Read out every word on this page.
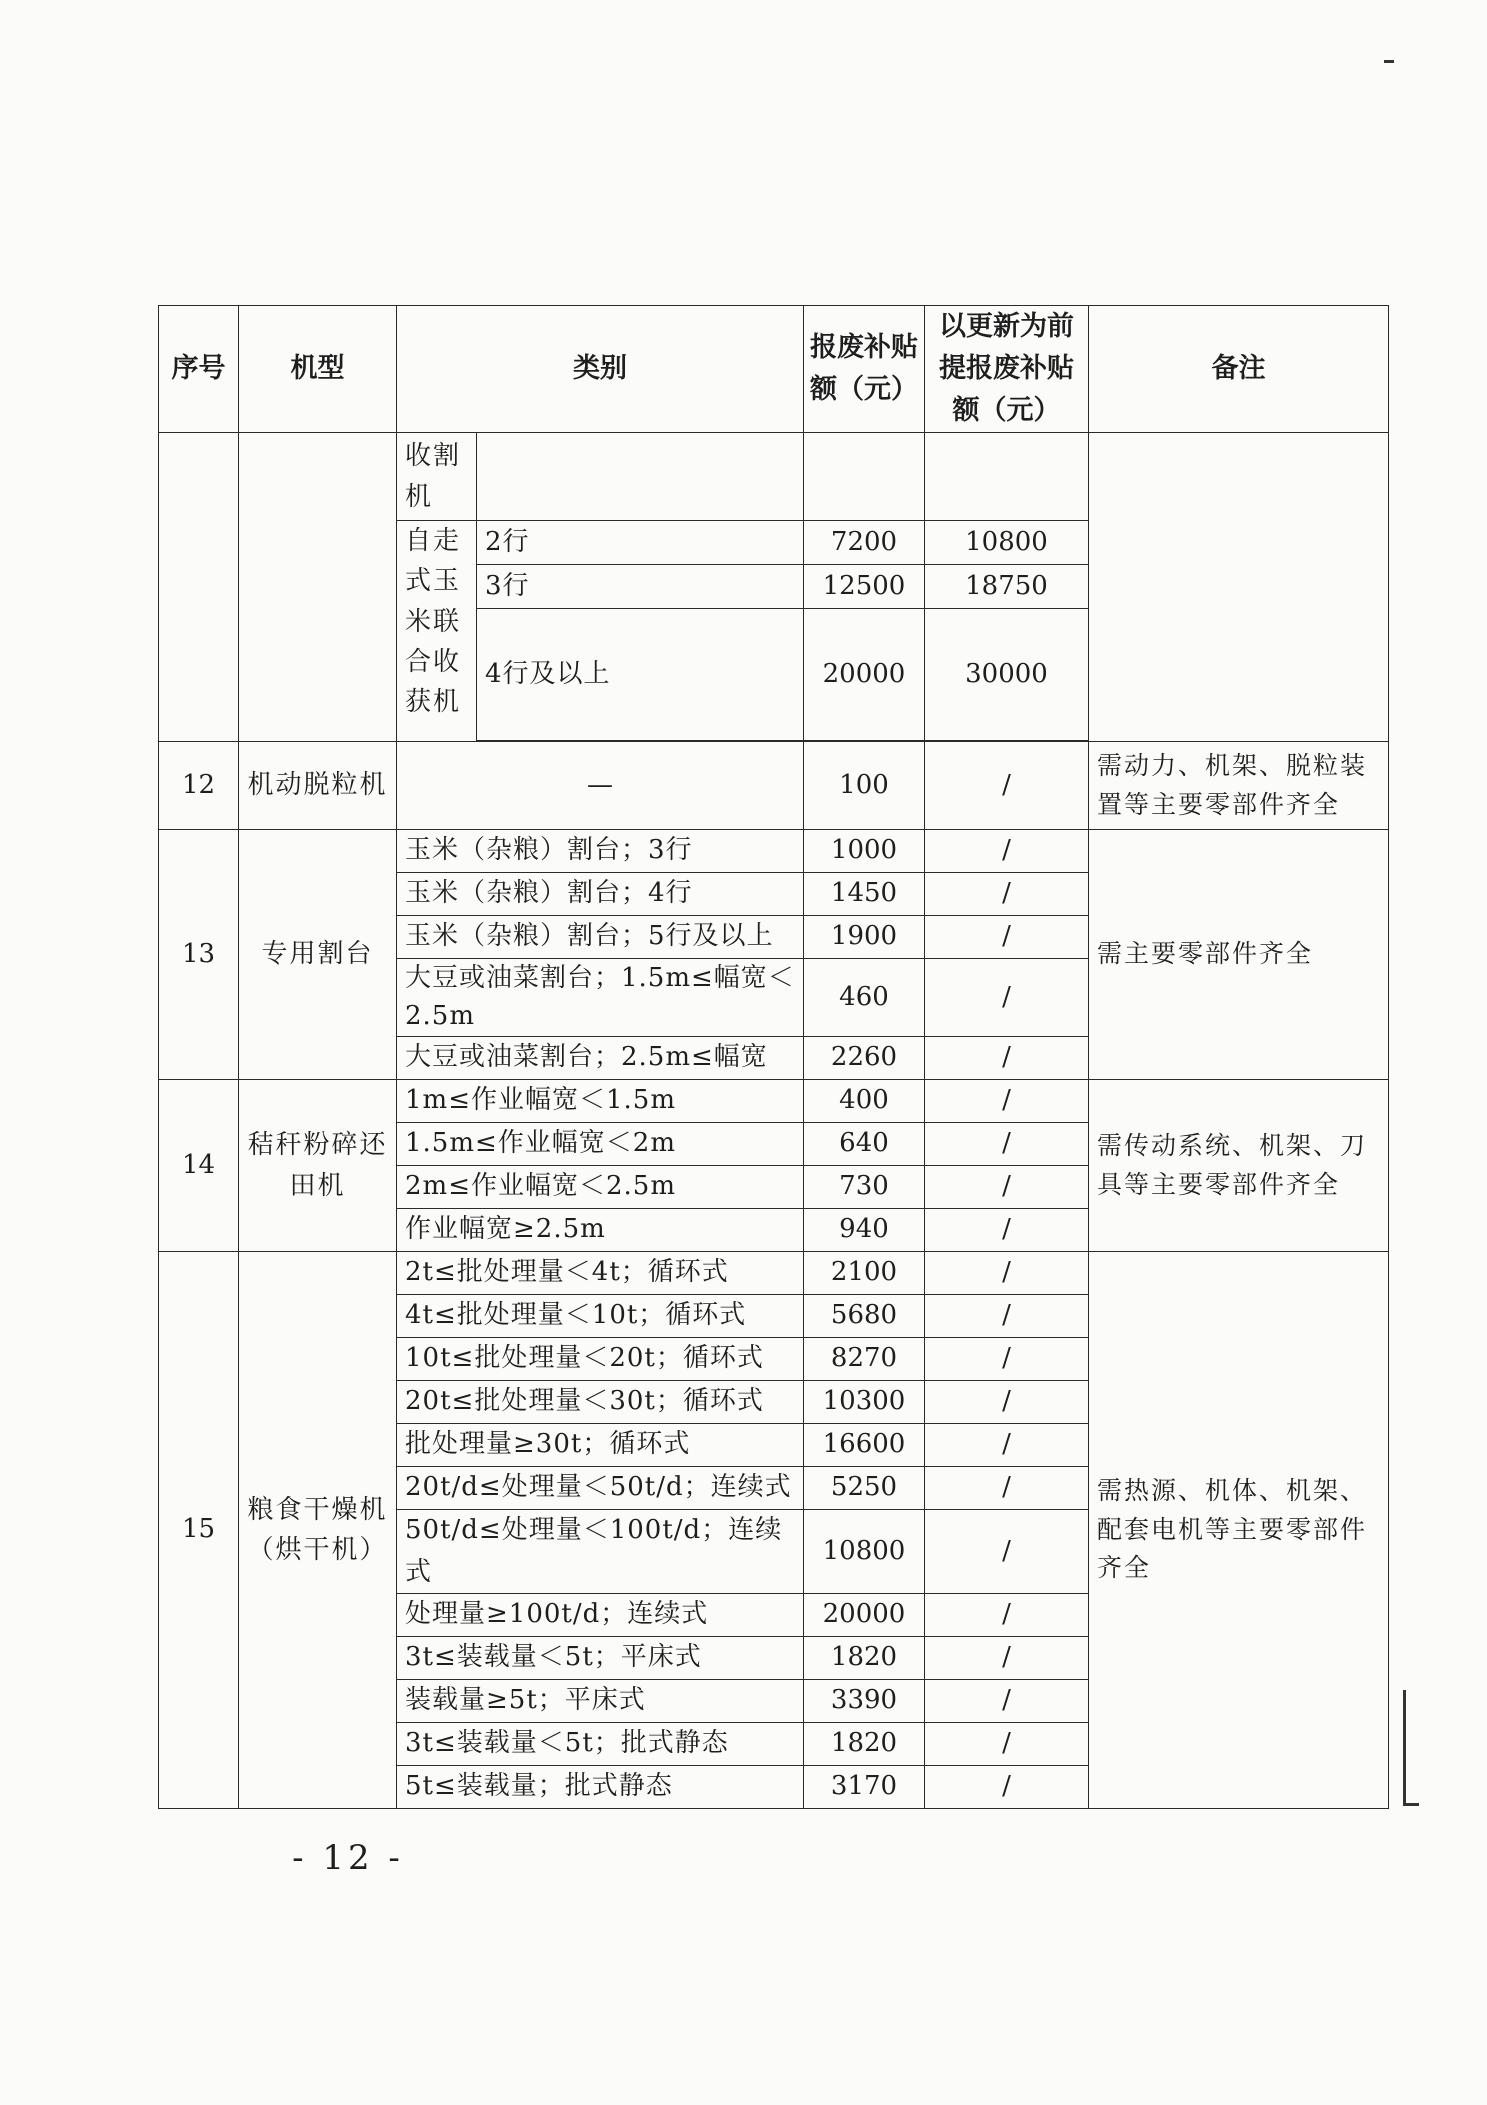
序号	机型	类别		报废补贴额（元）	以更新为前提报废补贴额（元）	备注
		收割机				
		自走式玉米联合收获机	2行	7200	10800	
			3行	12500	18750	
			4行及以上	20000	30000	

12	机动脱粒机	—		100	/	需动力、机架、脱粒装置等主要零部件齐全
13	专用割台	玉米（杂粮）割台；3行		1000	/	需主要零部件齐全
		玉米（杂粮）割台；4行		1450	/	
		玉米（杂粮）割台；5行及以上		1900	/	
		大豆或油菜割台；1.5m≤幅宽＜2.5m		460	/	
		大豆或油菜割台；2.5m≤幅宽		2260	/	
14	秸秆粉碎还田机	1m≤作业幅宽＜1.5m		400	/	需传动系统、机架、刀具等主要零部件齐全
		1.5m≤作业幅宽＜2m		640	/	
		2m≤作业幅宽＜2.5m		730	/	
		作业幅宽≥2.5m		940	/	
15	粮食干燥机（烘干机）	2t≤批处理量＜4t；循环式		2100	/	需热源、机体、机架、配套电机等主要零部件齐全
		4t≤批处理量＜10t；循环式		5680	/	
		10t≤批处理量＜20t；循环式		8270	/	
		20t≤批处理量＜30t；循环式		10300	/	
		批处理量≥30t；循环式		16600	/	
		20t/d≤处理量＜50t/d；连续式		5250	/	
		50t/d≤处理量＜100t/d；连续式		10800	/	
		处理量≥100t/d；连续式		20000	/	
		3t≤装载量＜5t；平床式		1820	/	
		装载量≥5t；平床式		3390	/	
		3t≤装载量＜5t；批式静态		1820	/	
		5t≤装载量；批式静态		3170	/	
- 12 -
